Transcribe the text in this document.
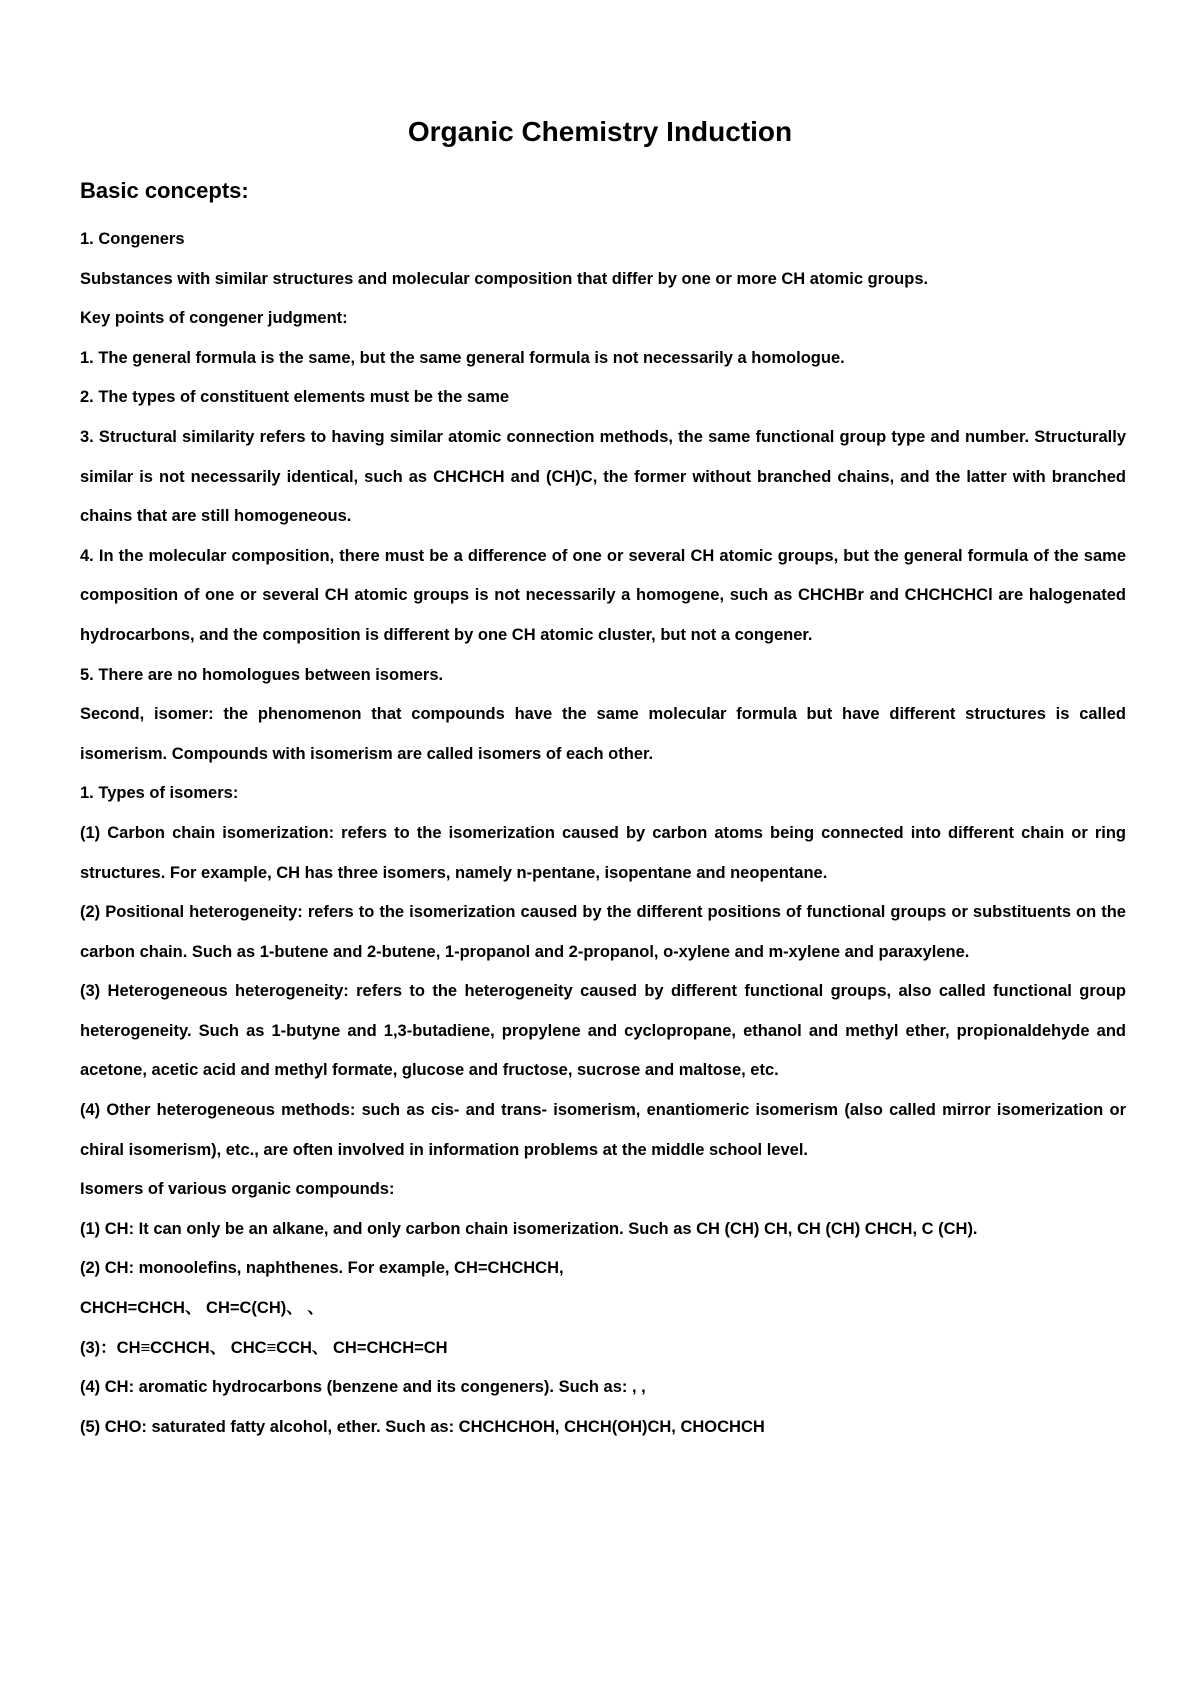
Organic Chemistry Induction
Basic concepts:

1. Congeners

Substances with similar structures and molecular composition that differ by one or more CH atomic groups.

Key points of congener judgment:

1. The general formula is the same, but the same general formula is not necessarily a homologue.

2. The types of constituent elements must be the same

3. Structural similarity refers to having similar atomic connection methods, the same functional group type and number. Structurally similar is not necessarily identical, such as CHCHCH and (CH)C, the former without branched chains, and the latter with branched chains that are still homogeneous.

4. In the molecular composition, there must be a difference of one or several CH atomic groups, but the general formula of the same composition of one or several CH atomic groups is not necessarily a homogene, such as CHCHBr and CHCHCHCl are halogenated hydrocarbons, and the composition is different by one CH atomic cluster, but not a congener.

5. There are no homologues between isomers.

Second, isomer: the phenomenon that compounds have the same molecular formula but have different structures is called isomerism. Compounds with isomerism are called isomers of each other.

1. Types of isomers:

(1) Carbon chain isomerization: refers to the isomerization caused by carbon atoms being connected into different chain or ring structures. For example, CH has three isomers, namely n-pentane, isopentane and neopentane.

(2) Positional heterogeneity: refers to the isomerization caused by the different positions of functional groups or substituents on the carbon chain. Such as 1-butene and 2-butene, 1-propanol and 2-propanol, o-xylene and m-xylene and paraxylene.

(3) Heterogeneous heterogeneity: refers to the heterogeneity caused by different functional groups, also called functional group heterogeneity. Such as 1-butyne and 1,3-butadiene, propylene and cyclopropane, ethanol and methyl ether, propionaldehyde and acetone, acetic acid and methyl formate, glucose and fructose, sucrose and maltose, etc.

(4) Other heterogeneous methods: such as cis- and trans- isomerism, enantiomeric isomerism (also called mirror isomerization or chiral isomerism), etc., are often involved in information problems at the middle school level.

Isomers of various organic compounds:

(1) CH: It can only be an alkane, and only carbon chain isomerization. Such as CH (CH) CH, CH (CH) CHCH, C (CH).

(2) CH: monoolefins, naphthenes. For example, CH=CHCHCH,

CHCH=CHCH、 CH=C(CH)、 、

(3)：CH≡CCHCH、 CHC≡CCH、 CH=CHCH=CH

(4) CH: aromatic hydrocarbons (benzene and its congeners). Such as: , ,

(5) CHO: saturated fatty alcohol, ether. Such as: CHCHCHOH, CHCH(OH)CH, CHOCHCH
